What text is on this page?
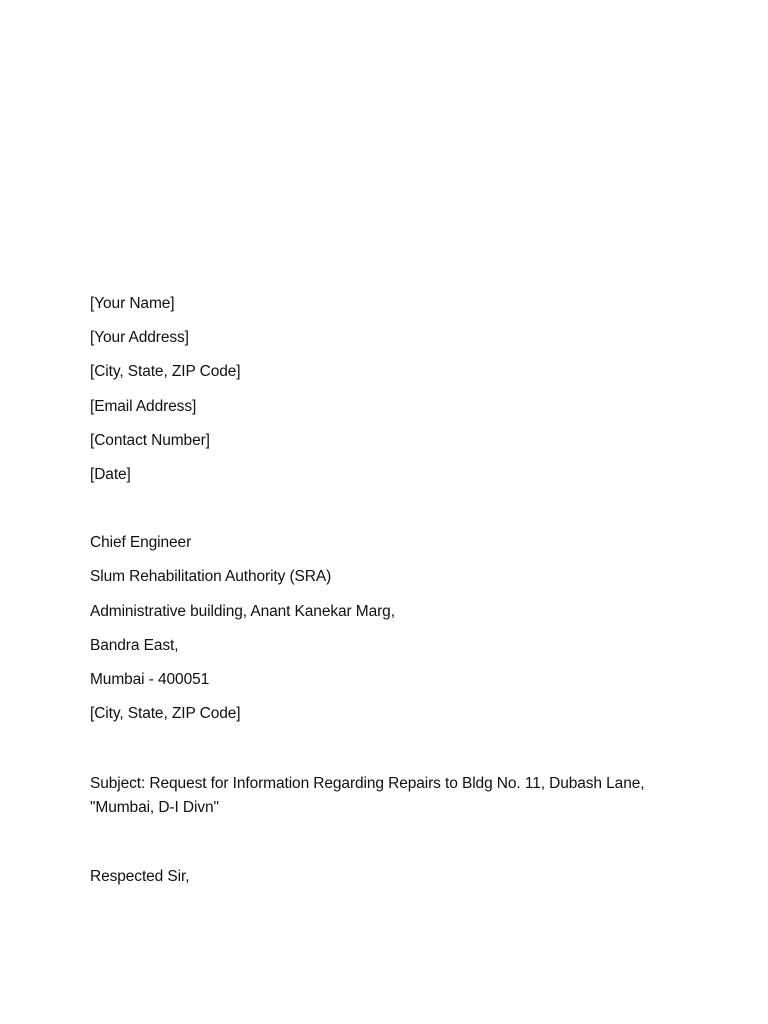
[Your Name]
[Your Address]
[City, State, ZIP Code]
[Email Address]
[Contact Number]
[Date]
Chief Engineer
Slum Rehabilitation Authority (SRA)
Administrative building, Anant Kanekar Marg,
Bandra East,
Mumbai - 400051
[City, State, ZIP Code]
Subject: Request for Information Regarding Repairs to Bldg No. 11, Dubash Lane,
"Mumbai, D-I Divn"
Respected Sir,
